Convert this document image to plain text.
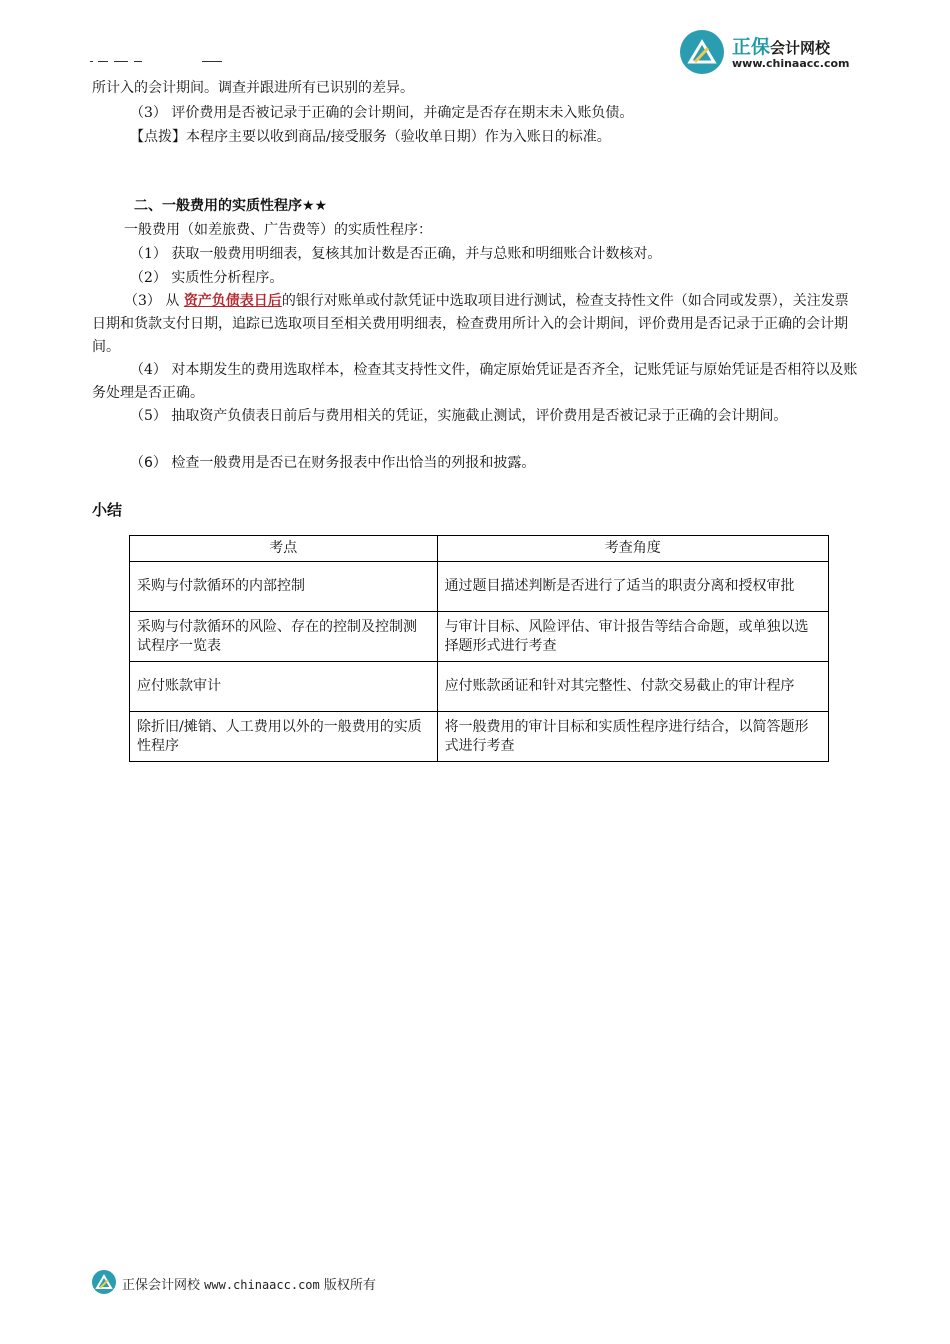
正保会计网校
www.chinaacc.com
所计入的会计期间。调查并跟进所有已识别的差异。
（3） 评价费用是否被记录于正确的会计期间，并确定是否存在期末未入账负债。
【点拨】本程序主要以收到商品/接受服务（验收单日期）作为入账日的标准。
二、一般费用的实质性程序★★
一般费用（如差旅费、广告费等）的实质性程序：
（1） 获取一般费用明细表，复核其加计数是否正确，并与总账和明细账合计数核对。
（2） 实质性分析程序。
（3） 从 资产负债表日后的银行对账单或付款凭证中选取项目进行测试，检查支持性文件（如合同或发票），关注发票日期和货款支付日期，追踪已选取项目至相关费用明细表，检查费用所计入的会计期间，评价费用是否记录于正确的会计期间。
（4） 对本期发生的费用选取样本，检查其支持性文件，确定原始凭证是否齐全，记账凭证与原始凭证是否相符以及账务处理是否正确。
（5） 抽取资产负债表日前后与费用相关的凭证，实施截止测试，评价费用是否被记录于正确的会计期间。
（6） 检查一般费用是否已在财务报表中作出恰当的列报和披露。
小结
考点	考查角度
采购与付款循环的内部控制	通过题目描述判断是否进行了适当的职责分离和授权审批
采购与付款循环的风险、存在的控制及控制测试程序一览表	与审计目标、风险评估、审计报告等结合命题，或单独以选择题形式进行考查
应付账款审计	应付账款函证和针对其完整性、付款交易截止的审计程序
除折旧/摊销、人工费用以外的一般费用的实质性程序	将一般费用的审计目标和实质性程序进行结合，以简答题形式进行考查
正保会计网校 www.chinaacc.com 版权所有
